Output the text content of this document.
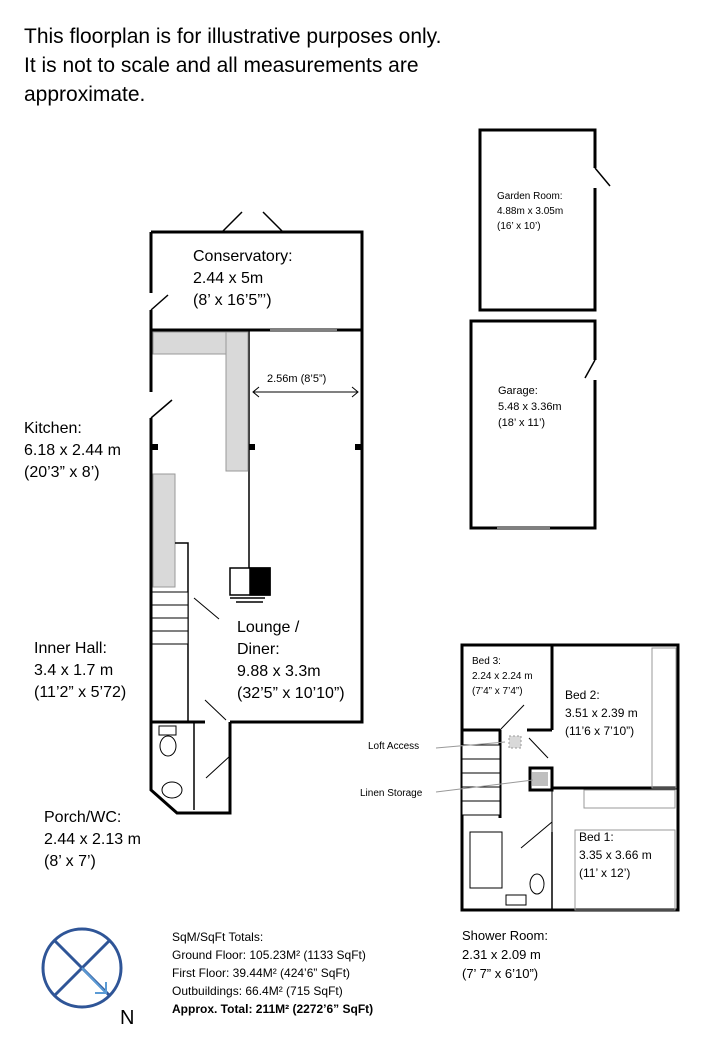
This floorplan is for illustrative purposes only. It is not to scale and all measurements are approximate.
Conservatory:
2.44 x 5m
(8’ x 16’5”’)
Kitchen:
6.18 x 2.44 m
(20’3” x 8’)
Inner Hall:
3.4 x 1.7 m
(11’2” x 5’72)
Lounge /
Diner:
9.88 x 3.3m
(32’5” x 10’10”)
Porch/WC:
2.44 x 2.13 m
(8’ x 7’)
2.56m (8’5”)
Garden Room:
4.88m x 3.05m
(16’ x 10’)
Garage:
5.48 x 3.36m
(18’ x 11’)
Bed 3:
2.24 x 2.24 m
(7’4” x 7’4”)	Bed 2:
3.51 x 2.39 m
(11’6 x 7’10”)
Bed 1:
3.35 x 3.66 m
(11’ x 12’)
Shower Room:
2.31 x 2.09 m
(7’ 7” x 6’10”)
Loft Access
Linen Storage
SqM/SqFt Totals:
Ground Floor: 105.23M² (1133 SqFt)
First Floor: 39.44M² (424’6” SqFt)
Outbuildings: 66.4M² (715 SqFt)
Approx. Total: 211M² (2272’6” SqFt)
N
